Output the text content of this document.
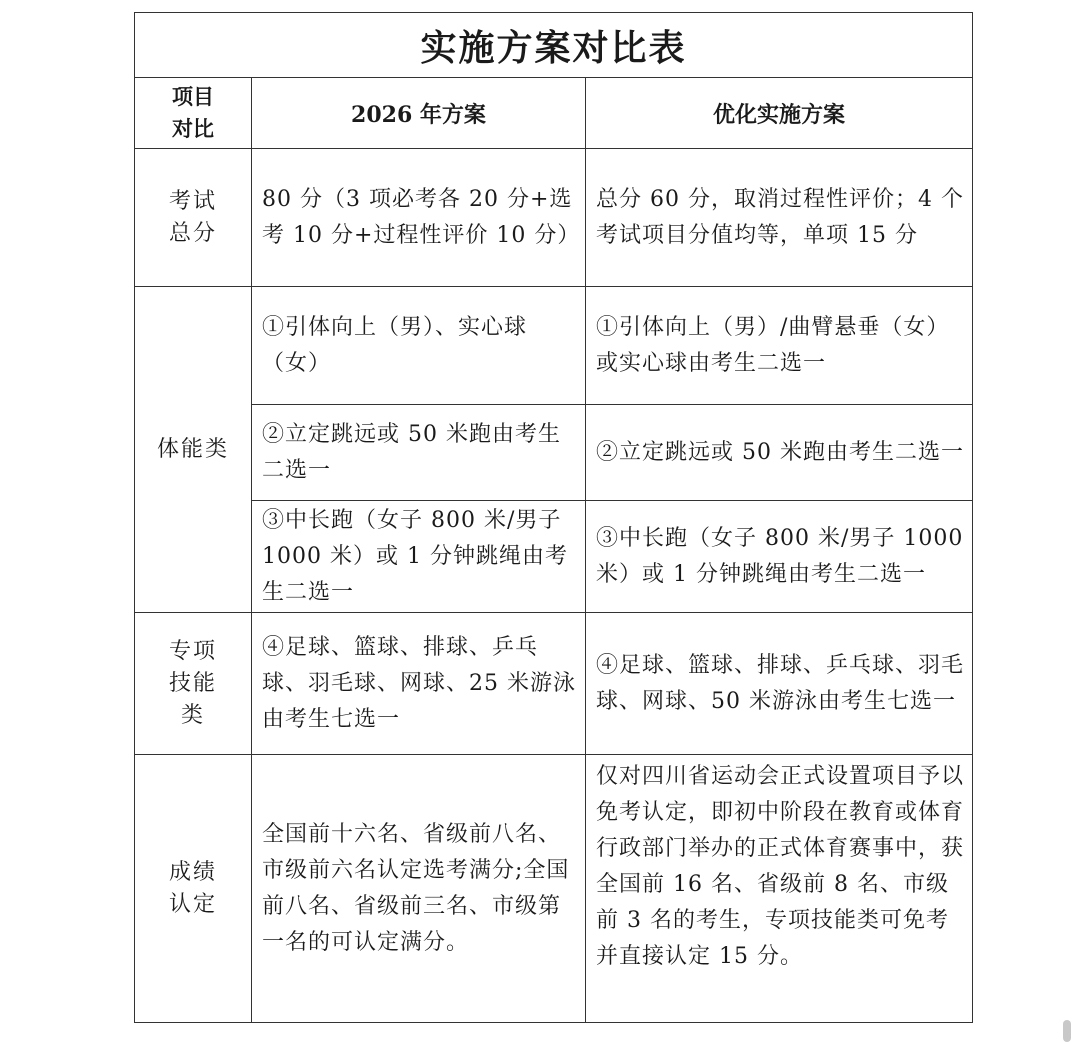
实施方案对比表		

项目
对比	2026 年方案	优化实施方案

考试
总分	80 分（3 项必考各 20 分+选考 10 分+过程性评价 10 分）	总分 60 分，取消过程性评价；4 个考试项目分值均等，单项 15 分
体能类	①引体向上（男）、实心球（女）	①引体向上（男）/曲臂悬垂（女）或实心球由考生二选一
	②立定跳远或 50 米跑由考生二选一	②立定跳远或 50 米跑由考生二选一
	③中长跑（女子 800 米/男子 1000 米）或 1 分钟跳绳由考生二选一	③中长跑（女子 800 米/男子 1000 米）或 1 分钟跳绳由考生二选一

专项
技能
类	④足球、篮球、排球、乒乓球、羽毛球、网球、25 米游泳由考生七选一	④足球、篮球、排球、乒乓球、羽毛球、网球、50 米游泳由考生七选一

成绩
认定	全国前十六名、省级前八名、市级前六名认定选考满分;全国前八名、省级前三名、市级第一名的可认定满分。	仅对四川省运动会正式设置项目予以免考认定，即初中阶段在教育或体育行政部门举办的正式体育赛事中，获全国前 16 名、省级前 8 名、市级前 3 名的考生，专项技能类可免考并直接认定 15 分。
